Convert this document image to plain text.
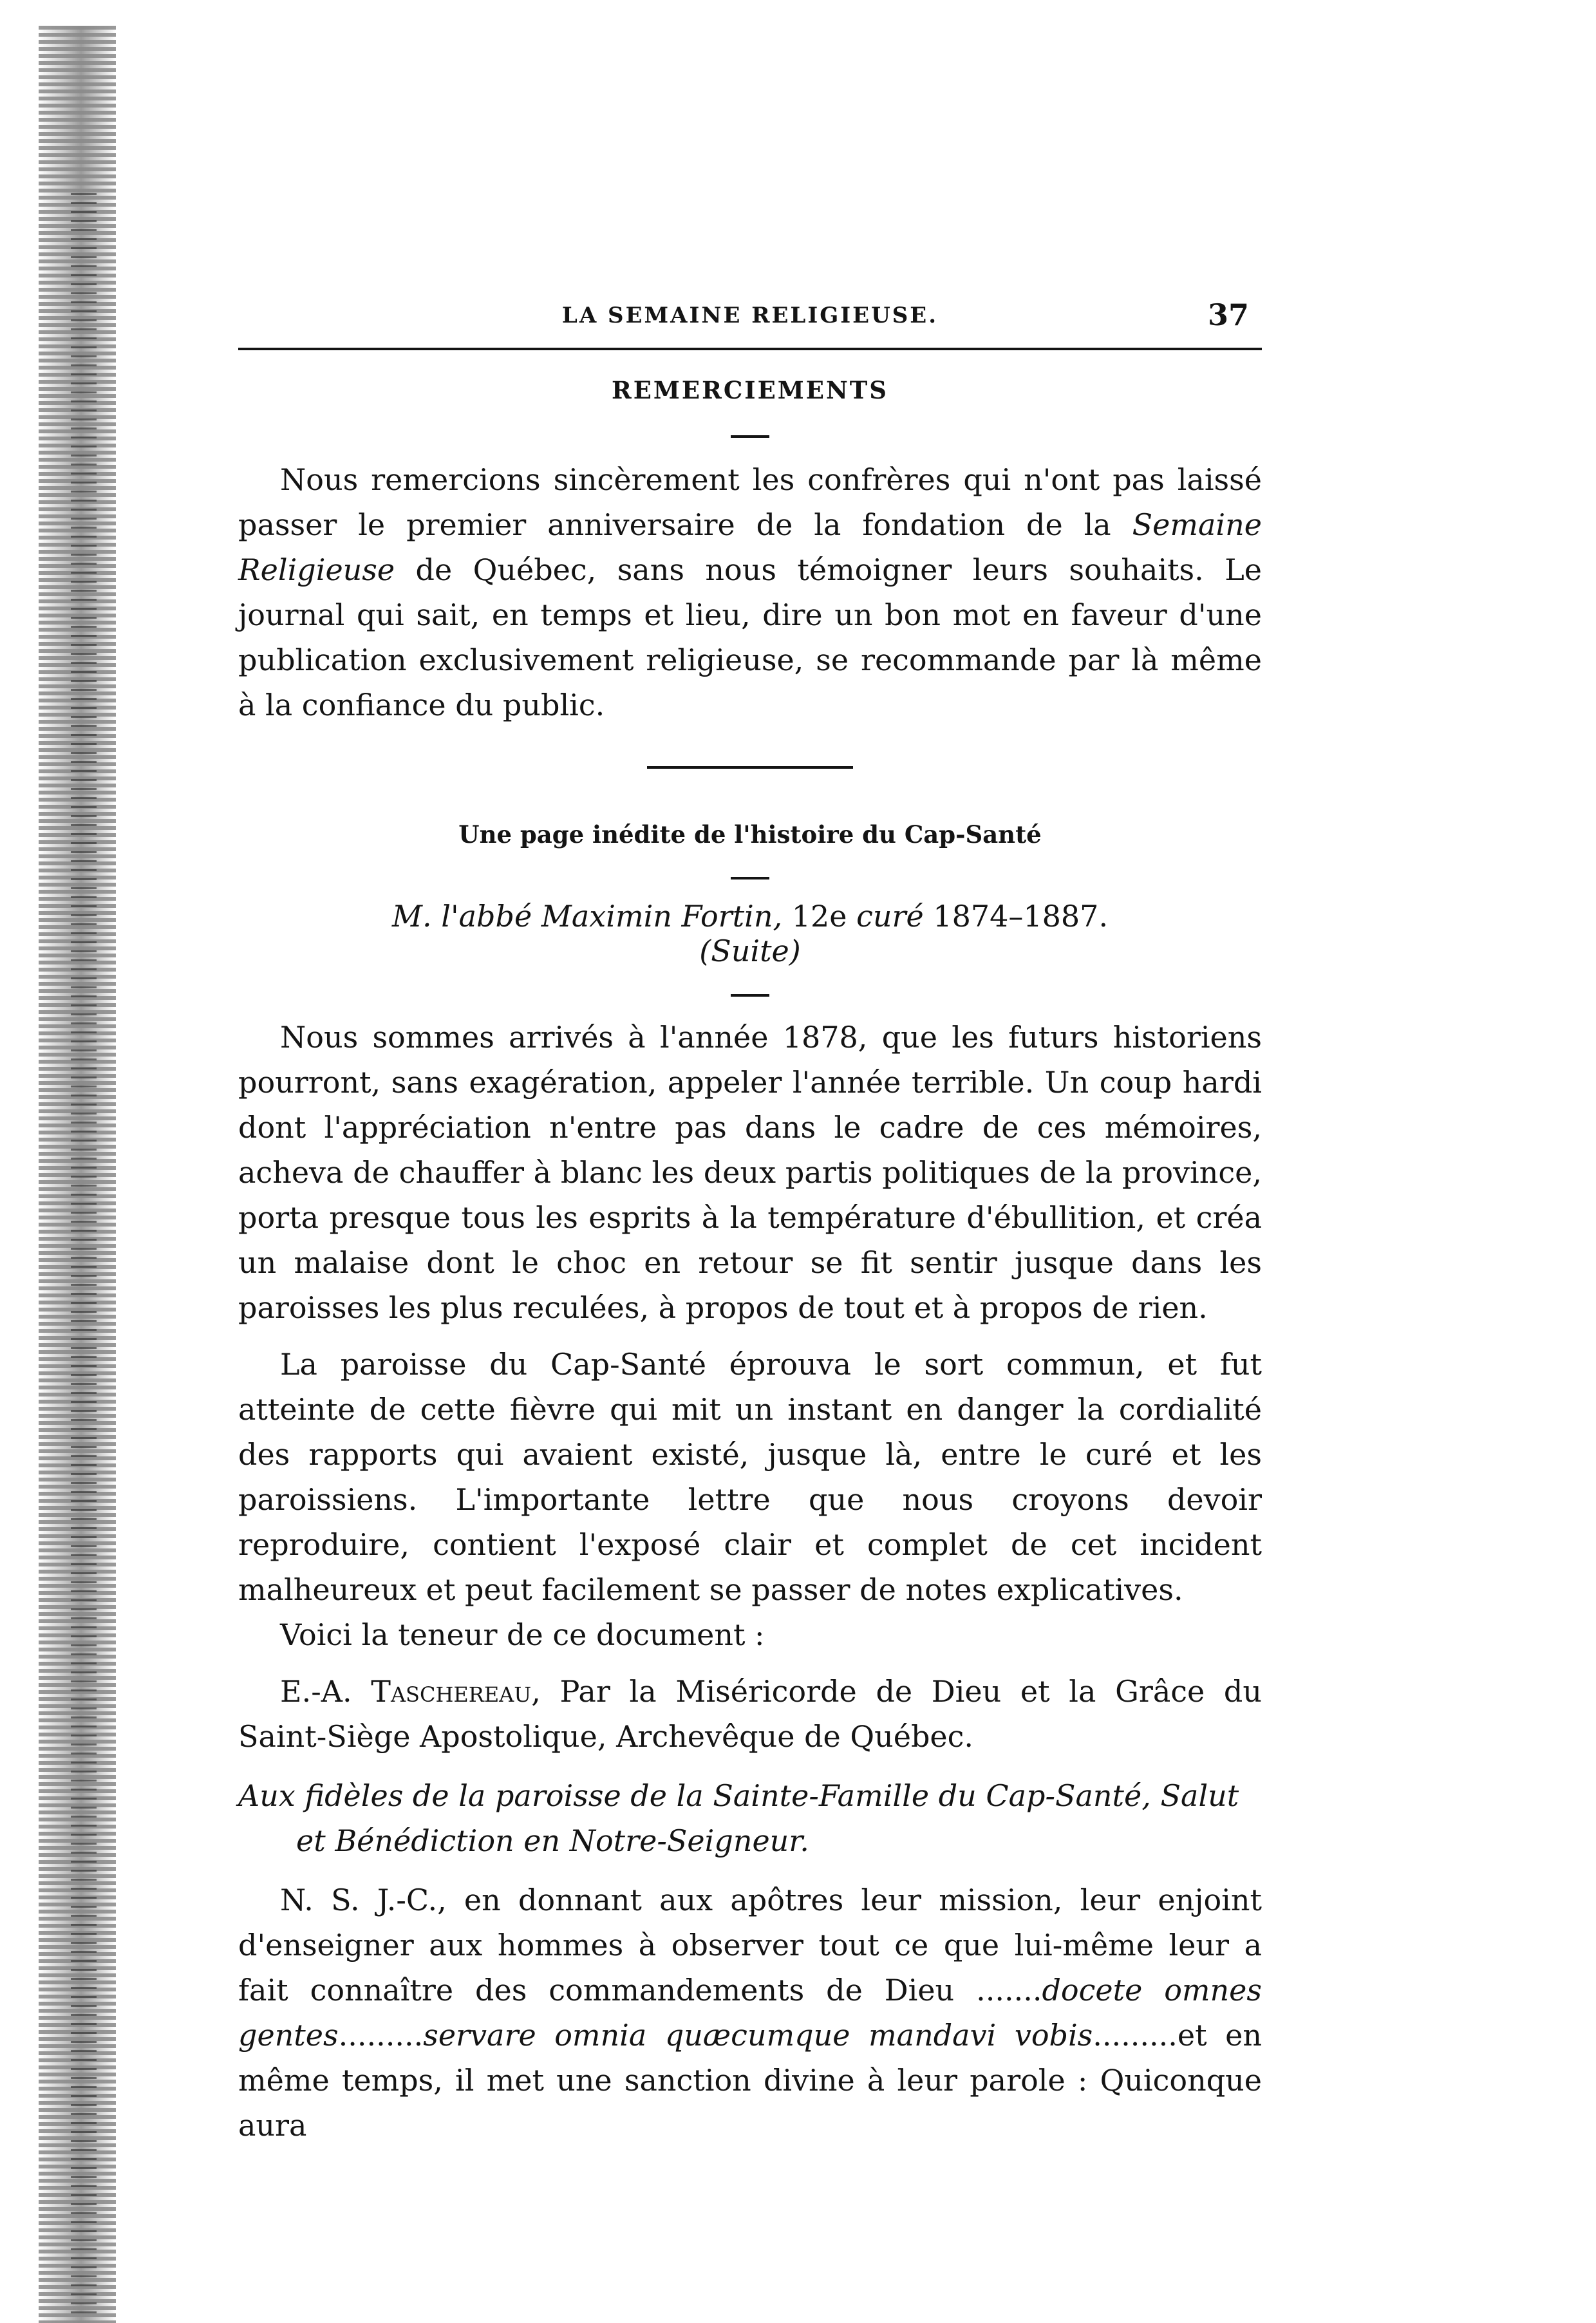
LA SEMAINE RELIGIEUSE.	37
REMERCIEMENTS

Nous remercions sincèrement les confrères qui n'ont pas laissé passer le premier anniversaire de la fondation de la Semaine Religieuse de Québec, sans nous témoigner leurs souhaits. Le journal qui sait, en temps et lieu, dire un bon mot en faveur d'une publication exclusivement religieuse, se recommande par là même à la confiance du public.

Une page inédite de l'histoire du Cap-Santé
M. l'abbé Maximin Fortin, 12e curé 1874–1887.
(Suite)

Nous sommes arrivés à l'année 1878, que les futurs historiens pourront, sans exagération, appeler l'année terrible. Un coup hardi dont l'appréciation n'entre pas dans le cadre de ces mémoires, acheva de chauffer à blanc les deux partis politiques de la province, porta presque tous les esprits à la température d'ébullition, et créa un malaise dont le choc en retour se fit sentir jusque dans les paroisses les plus reculées, à propos de tout et à propos de rien.

La paroisse du Cap-Santé éprouva le sort commun, et fut atteinte de cette fièvre qui mit un instant en danger la cordialité des rapports qui avaient existé, jusque là, entre le curé et les paroissiens. L'importante lettre que nous croyons devoir reproduire, contient l'exposé clair et complet de cet incident malheureux et peut facilement se passer de notes explicatives.

Voici la teneur de ce document :

E.-A. Taschereau, Par la Miséricorde de Dieu et la Grâce du Saint-Siège Apostolique, Archevêque de Québec.

Aux fidèles de la paroisse de la Sainte-Famille du Cap-Santé, Salut
et Bénédiction en Notre-Seigneur.

N. S. J.-C., en donnant aux apôtres leur mission, leur enjoint d'enseigner aux hommes à observer tout ce que lui-même leur a fait connaître des commandements de Dieu .......docete omnes gentes.........servare omnia quæcumque mandavi vobis.........et en même temps, il met une sanction divine à leur parole : Quiconque aura
